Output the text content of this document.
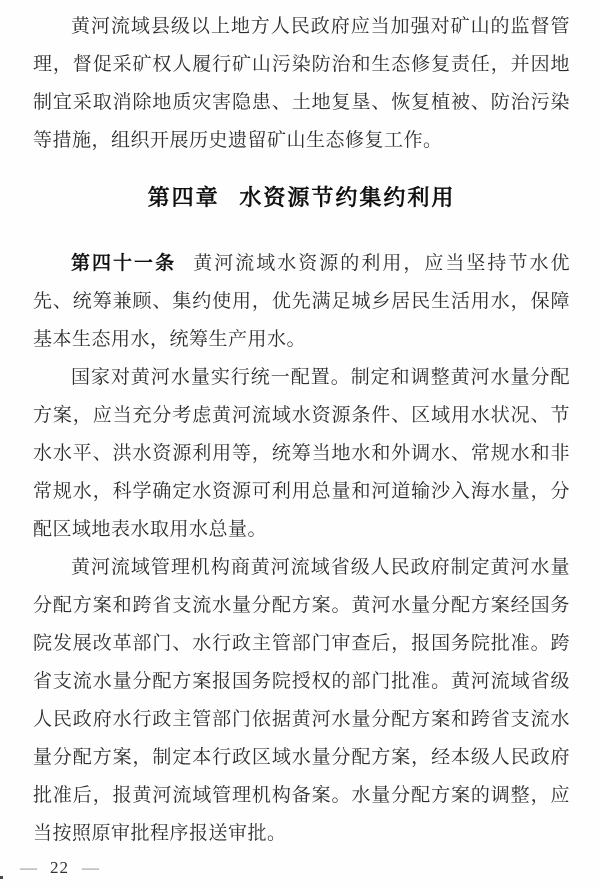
黄河流域县级以上地方人民政府应当加强对矿山的监督管理，督促采矿权人履行矿山污染防治和生态修复责任，并因地制宜采取消除地质灾害隐患、土地复垦、恢复植被、防治污染等措施，组织开展历史遗留矿山生态修复工作。

第四章 水资源节约集约利用

第四十一条 黄河流域水资源的利用，应当坚持节水优先、统筹兼顾、集约使用，优先满足城乡居民生活用水，保障基本生态用水，统筹生产用水。

国家对黄河水量实行统一配置。制定和调整黄河水量分配方案，应当充分考虑黄河流域水资源条件、区域用水状况、节水水平、洪水资源利用等，统筹当地水和外调水、常规水和非常规水，科学确定水资源可利用总量和河道输沙入海水量，分配区域地表水取用水总量。

黄河流域管理机构商黄河流域省级人民政府制定黄河水量分配方案和跨省支流水量分配方案。黄河水量分配方案经国务院发展改革部门、水行政主管部门审查后，报国务院批准。跨省支流水量分配方案报国务院授权的部门批准。黄河流域省级人民政府水行政主管部门依据黄河水量分配方案和跨省支流水量分配方案，制定本行政区域水量分配方案，经本级人民政府批准后，报黄河流域管理机构备案。水量分配方案的调整，应当按照原审批程序报送审批。

— 22 —
